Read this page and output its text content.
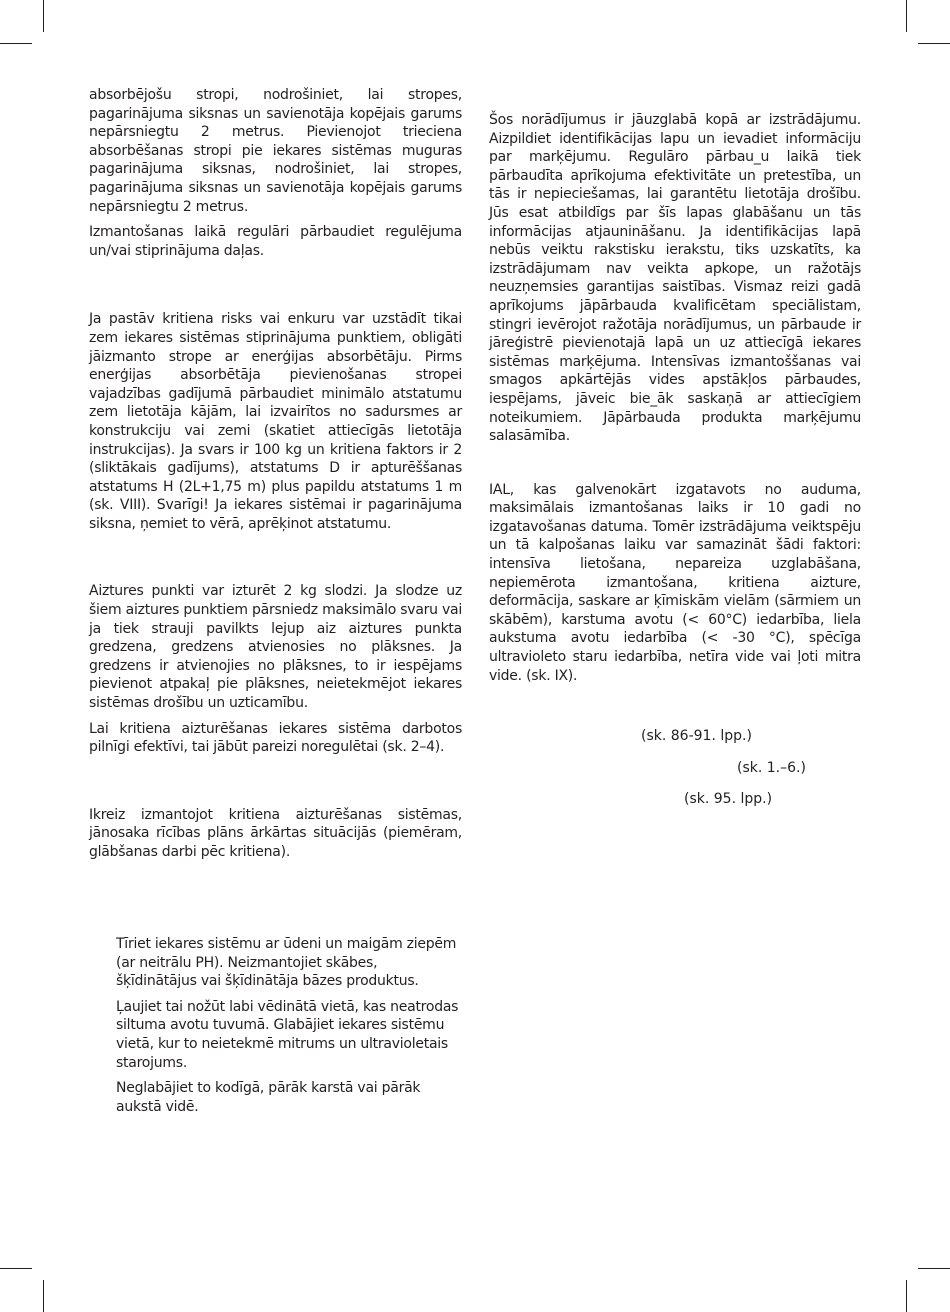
absorbējošu stropi, nodrošiniet, lai stropes, pagarinājuma siksnas un savienotāja kopējais garums nepārsniegtu 2 metrus. Pievienojot trieciena absorbēšanas stropi pie iekares sistēmas muguras pagarinājuma siksnas, nodrošiniet, lai stropes, pagarinājuma siksnas un savienotāja kopējais garums nepārsniegtu 2 metrus.

Izmantošanas laikā regulāri pārbaudiet regulējuma un/vai stiprinājuma daļas.

Ja pastāv kritiena risks vai enkuru var uzstādīt tikai zem iekares sistēmas stiprinājuma punktiem, obligāti jāizmanto strope ar enerģijas absorbētāju. Pirms enerģijas absorbētāja pievienošanas stropei vajadzības gadījumā pārbaudiet minimālo atstatumu zem lietotāja kājām, lai izvairītos no sadursmes ar konstrukciju vai zemi (skatiet attiecīgās lietotāja instrukcijas). Ja svars ir 100 kg un kritiena faktors ir 2 (sliktākais gadījums), atstatums D ir apturēššanas atstatums H (2L+1,75 m) plus papildu atstatums 1 m (sk. VIII). Svarīgi! Ja iekares sistēmai ir pagarinājuma siksna, ņemiet to vērā, aprēķinot atstatumu.

Aiztures punkti var izturēt 2 kg slodzi. Ja slodze uz šiem aiztures punktiem pārsniedz maksimālo svaru vai ja tiek strauji pavilkts lejup aiz aiztures punkta gredzena, gredzens atvienosies no plāksnes. Ja gredzens ir atvienojies no plāksnes, to ir iespējams pievienot atpakaļ pie plāksnes, neietekmējot iekares sistēmas drošību un uzticamību.

Lai kritiena aizturēšanas iekares sistēma darbotos pilnīgi efektīvi, tai jābūt pareizi noregulētai (sk. 2–4).

Ikreiz izmantojot kritiena aizturēšanas sistēmas, jānosaka rīcības plāns ārkārtas situācijās (piemēram, glābšanas darbi pēc kritiena).

Tīriet iekares sistēmu ar ūdeni un maigām ziepēm (ar neitrālu PH). Neizmantojiet skābes, šķīdinātājus vai šķīdinātāja bāzes produktus.

Ļaujiet tai nožūt labi vēdinātā vietā, kas neatrodas siltuma avotu tuvumā. Glabājiet iekares sistēmu vietā, kur to neietekmē mitrums un ultravioletais starojums.

Neglabājiet to kodīgā, pārāk karstā vai pārāk aukstā vidē.

Šos norādījumus ir jāuzglabā kopā ar izstrādājumu. Aizpildiet identifikācijas lapu un ievadiet informāciju par marķējumu. Regulāro pārbau_u laikā tiek pārbaudīta aprīkojuma efektivitāte un pretestība, un tās ir nepieciešamas, lai garantētu lietotāja drošību. Jūs esat atbildīgs par šīs lapas glabāšanu un tās informācijas atjaunināšanu. Ja identifikācijas lapā nebūs veiktu rakstisku ierakstu, tiks uzskatīts, ka izstrādājumam nav veikta apkope, un ražotājs neuzņemsies garantijas saistības. Vismaz reizi gadā aprīkojums jāpārbauda kvalificētam speciālistam, stingri ievērojot ražotāja norādījumus, un pārbaude ir jāreģistrē pievienotajā lapā un uz attiecīgā iekares sistēmas marķējuma. Intensīvas izmantoššanas vai smagos apkārtējās vides apstākļos pārbaudes, iespējams, jāveic bie_āk saskaņā ar attiecīgiem noteikumiem. Jāpārbauda produkta marķējumu salasāmība.

IAL, kas galvenokārt izgatavots no auduma, maksimālais izmantošanas laiks ir 10 gadi no izgatavošanas datuma. Tomēr izstrādājuma veiktspēju un tā kalpošanas laiku var samazināt šādi faktori: intensīva lietošana, nepareiza uzglabāšana, nepiemērota izmantošana, kritiena aizture, deformācija, saskare ar ķīmiskām vielām (sārmiem un skābēm), karstuma avotu (< 60°C) iedarbība, liela aukstuma avotu iedarbība (< -30 °C), spēcīga ultravioleto staru iedarbība, netīra vide vai ļoti mitra vide. (sk. IX).

(sk. 86-91. lpp.)
(sk. 1.–6.)
(sk. 95. lpp.)
